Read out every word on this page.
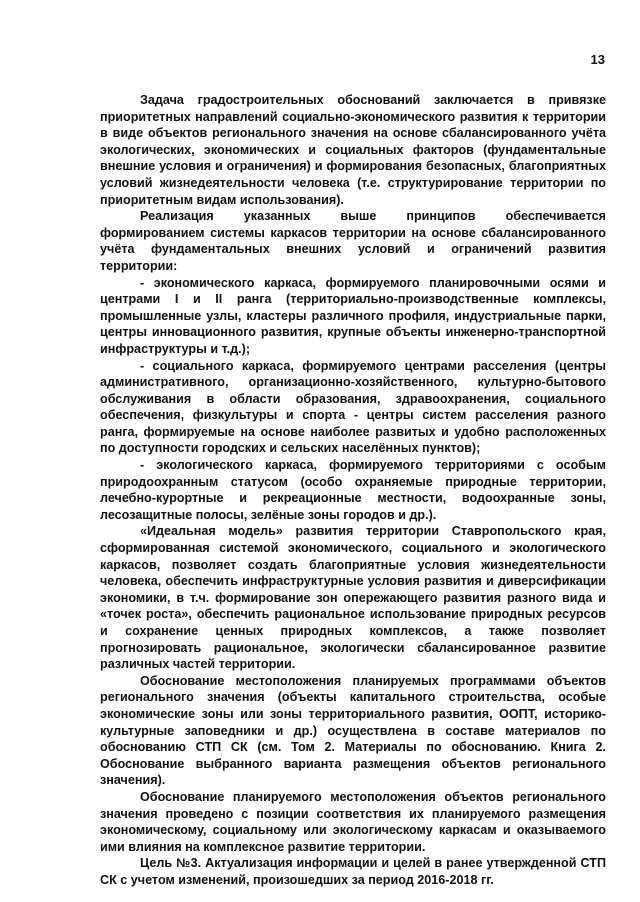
13

Задача градостроительных обоснований заключается в привязке приоритетных направлений социально-экономического развития к территории в виде объектов регионального значения на основе сбалансированного учёта экологических, экономических и социальных факторов (фундаментальные внешние условия и ограничения) и формирования безопасных, благоприятных условий жизнедеятельности человека (т.е. структурирование территории по приоритетным видам использования).

Реализация указанных выше принципов обеспечивается формированием системы каркасов территории на основе сбалансированного учёта фундаментальных внешних условий и ограничений развития территории:

- экономического каркаса, формируемого планировочными осями и центрами I и II ранга (территориально-производственные комплексы, промышленные узлы, кластеры различного профиля, индустриальные парки, центры инновационного развития, крупные объекты инженерно-транспортной инфраструктуры и т.д.);

- социального каркаса, формируемого центрами расселения (центры административного, организационно-хозяйственного, культурно-бытового обслуживания в области образования, здравоохранения, социального обеспечения, физкультуры и спорта - центры систем расселения разного ранга, формируемые на основе наиболее развитых и удобно расположенных по доступности городских и сельских населённых пунктов);

- экологического каркаса, формируемого территориями с особым природоохранным статусом (особо охраняемые природные территории, лечебно-курортные и рекреационные местности, водоохранные зоны, лесозащитные полосы, зелёные зоны городов и др.).

«Идеальная модель» развития территории Ставропольского края, сформированная системой экономического, социального и экологического каркасов, позволяет создать благоприятные условия жизнедеятельности человека, обеспечить инфраструктурные условия развития и диверсификации экономики, в т.ч. формирование зон опережающего развития разного вида и «точек роста», обеспечить рациональное использование природных ресурсов и сохранение ценных природных комплексов, а также позволяет прогнозировать рациональное, экологически сбалансированное развитие различных частей территории.

Обоснование местоположения планируемых программами объектов регионального значения (объекты капитального строительства, особые экономические зоны или зоны территориального развития, ООПТ, историко-культурные заповедники и др.) осуществлена в составе материалов по обоснованию СТП СК (см. Том 2. Материалы по обоснованию. Книга 2. Обоснование выбранного варианта размещения объектов регионального значения).

Обоснование планируемого местоположения объектов регионального значения проведено с позиции соответствия их планируемого размещения экономическому, социальному или экологическому каркасам и оказываемого ими влияния на комплексное развитие территории.

Цель №3. Актуализация информации и целей в ранее утвержденной СТП СК с учетом изменений, произошедших за период 2016-2018 гг.
